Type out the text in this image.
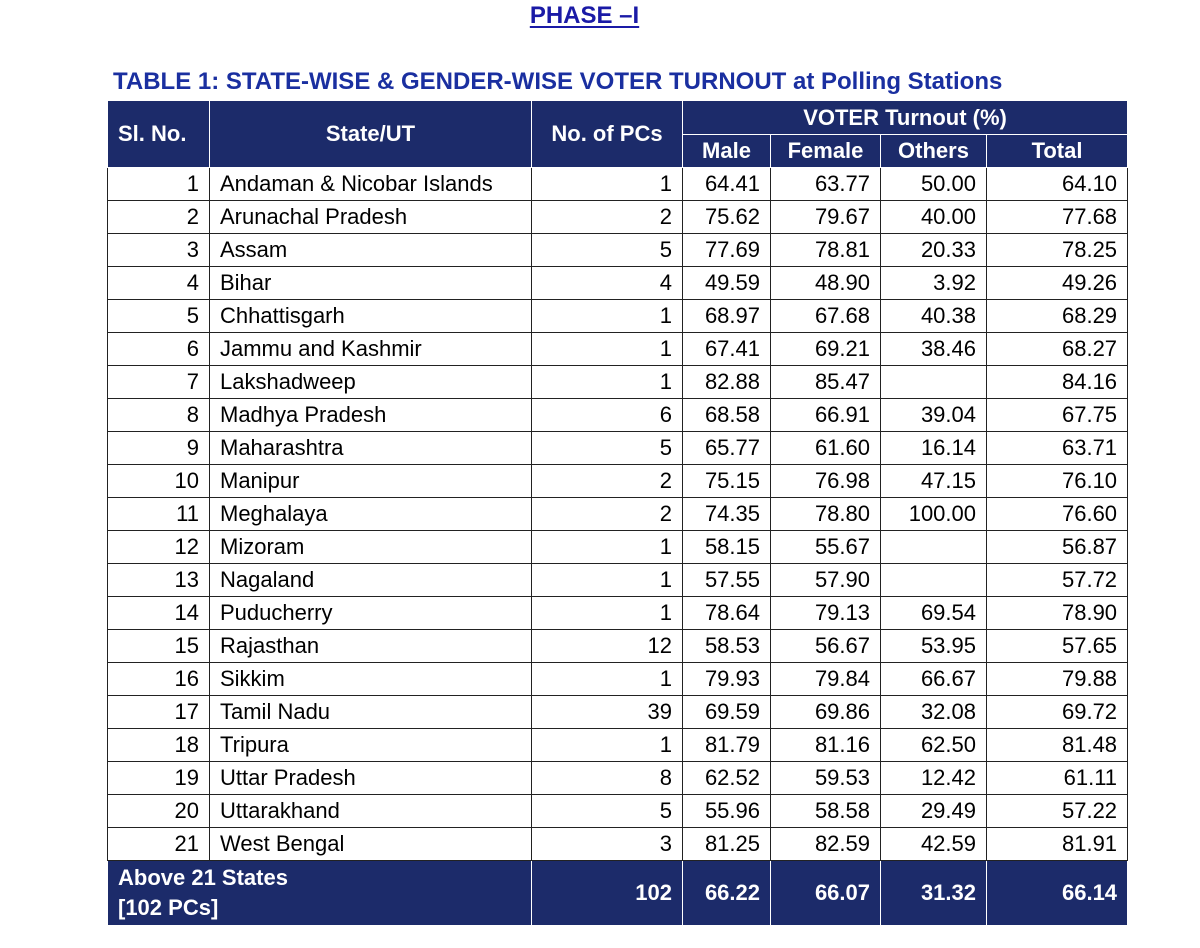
PHASE –I
TABLE 1: STATE-WISE & GENDER-WISE VOTER TURNOUT at Polling Stations
Sl. No.	State/UT	No. of PCs	VOTER Turnout (%)			
			Male	Female	Others	Total
1	Andaman & Nicobar Islands	1	64.41	63.77	50.00	64.10
2	Arunachal Pradesh	2	75.62	79.67	40.00	77.68
3	Assam	5	77.69	78.81	20.33	78.25
4	Bihar	4	49.59	48.90	3.92	49.26
5	Chhattisgarh	1	68.97	67.68	40.38	68.29
6	Jammu and Kashmir	1	67.41	69.21	38.46	68.27
7	Lakshadweep	1	82.88	85.47		84.16
8	Madhya Pradesh	6	68.58	66.91	39.04	67.75
9	Maharashtra	5	65.77	61.60	16.14	63.71
10	Manipur	2	75.15	76.98	47.15	76.10
11	Meghalaya	2	74.35	78.80	100.00	76.60
12	Mizoram	1	58.15	55.67		56.87
13	Nagaland	1	57.55	57.90		57.72
14	Puducherry	1	78.64	79.13	69.54	78.90
15	Rajasthan	12	58.53	56.67	53.95	57.65
16	Sikkim	1	79.93	79.84	66.67	79.88
17	Tamil Nadu	39	69.59	69.86	32.08	69.72
18	Tripura	1	81.79	81.16	62.50	81.48
19	Uttar Pradesh	8	62.52	59.53	12.42	61.11
20	Uttarakhand	5	55.96	58.58	29.49	57.22
21	West Bengal	3	81.25	82.59	42.59	81.91

Above 21 States
[102 PCs]		102	66.22	66.07	31.32	66.14
